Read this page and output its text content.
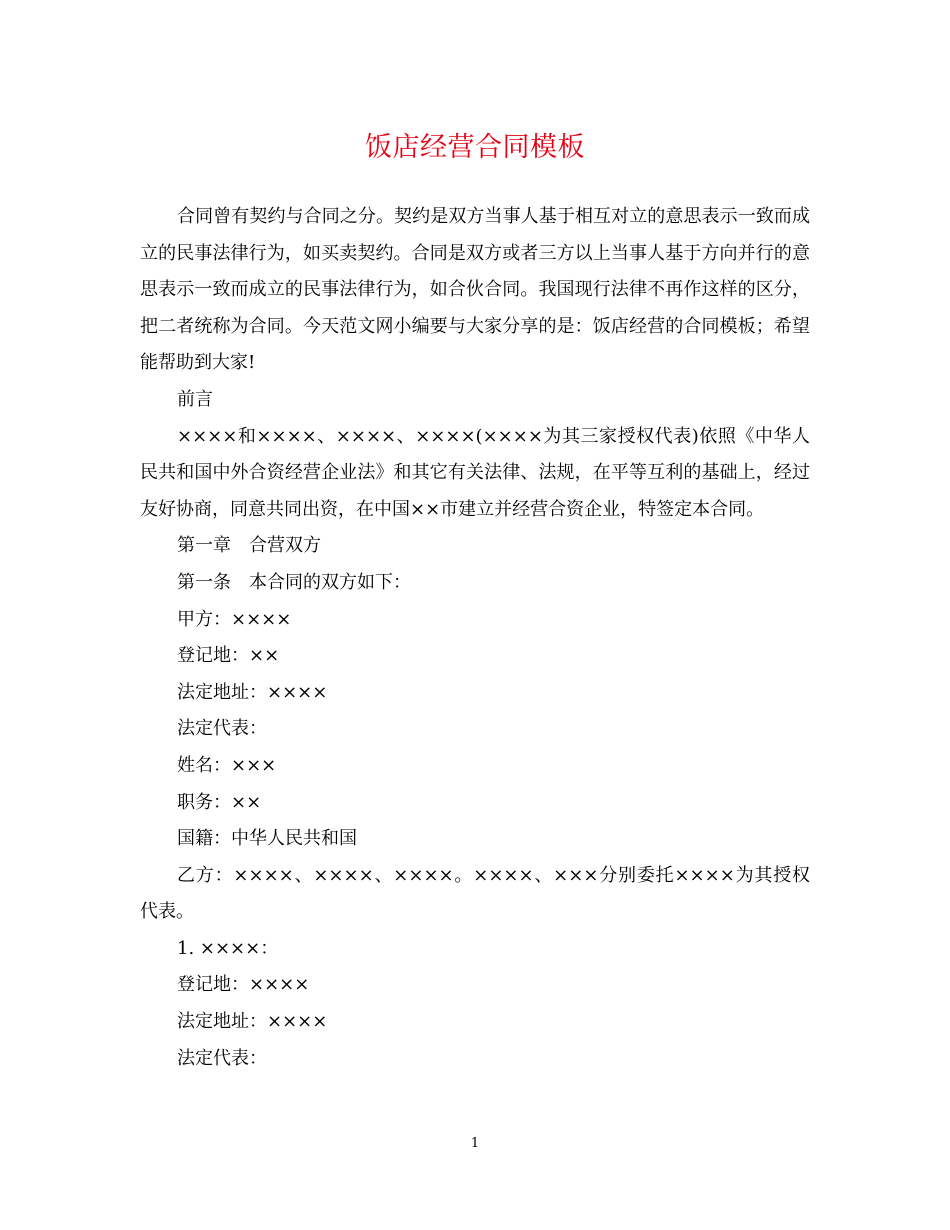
饭店经营合同模板

合同曾有契约与合同之分。契约是双方当事人基于相互对立的意思表示一致而成立的民事法律行为，如买卖契约。合同是双方或者三方以上当事人基于方向并行的意思表示一致而成立的民事法律行为，如合伙合同。我国现行法律不再作这样的区分，把二者统称为合同。今天范文网小编要与大家分享的是：饭店经营的合同模板；希望能帮助到大家!

前言

××××和××××、××××、××××(××××为其三家授权代表)依照《中华人民共和国中外合资经营企业法》和其它有关法律、法规，在平等互利的基础上，经过友好协商，同意共同出资，在中国××市建立并经营合资企业，特签定本合同。

第一章　合营双方

第一条　本合同的双方如下：

甲方：××××

登记地：××

法定地址：××××

法定代表：

姓名：×××

职务：××

国籍：中华人民共和国

乙方：××××、××××、××××。××××、×××分别委托××××为其授权代表。

1. ××××：

登记地：××××

法定地址：××××

法定代表：

1
